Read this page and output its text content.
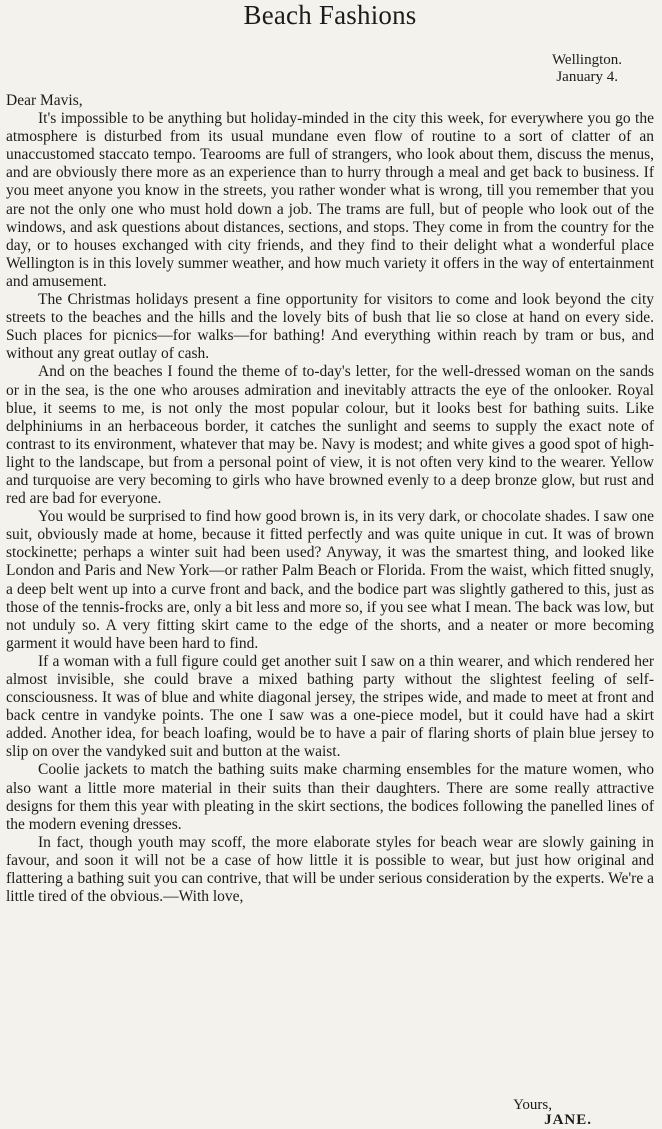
Beach Fashions
Wellington.
January 4.

Dear Mavis,

It's impossible to be anything but holiday-minded in the city this week, for everywhere you go the atmosphere is disturbed from its usual mundane even flow of routine to a sort of clatter of an unaccustomed staccato tempo. Tearooms are full of strangers, who look about them, discuss the menus, and are obviously there more as an experience than to hurry through a meal and get back to business. If you meet anyone you know in the streets, you rather wonder what is wrong, till you remember that you are not the only one who must hold down a job. The trams are full, but of people who look out of the windows, and ask questions about distances, sections, and stops. They come in from the country for the day, or to houses exchanged with city friends, and they find to their delight what a wonderful place Wellington is in this lovely summer weather, and how much variety it offers in the way of entertainment and amusement.

The Christmas holidays present a fine opportunity for visitors to come and look beyond the city streets to the beaches and the hills and the lovely bits of bush that lie so close at hand on every side. Such places for picnics—for walks—for bathing! And everything within reach by tram or bus, and without any great outlay of cash.

And on the beaches I found the theme of to-day's letter, for the well-dressed woman on the sands or in the sea, is the one who arouses admiration and inevitably attracts the eye of the onlooker. Royal blue, it seems to me, is not only the most popular colour, but it looks best for bathing suits. Like delphiniums in an herbaceous border, it catches the sunlight and seems to supply the exact note of contrast to its environment, whatever that may be. Navy is modest; and white gives a good spot of high-light to the landscape, but from a personal point of view, it is not often very kind to the wearer. Yellow and turquoise are very becoming to girls who have browned evenly to a deep bronze glow, but rust and red are bad for everyone.

You would be surprised to find how good brown is, in its very dark, or chocolate shades. I saw one suit, obviously made at home, because it fitted perfectly and was quite unique in cut. It was of brown stockinette; perhaps a winter suit had been used? Anyway, it was the smartest thing, and looked like London and Paris and New York—or rather Palm Beach or Florida. From the waist, which fitted snugly, a deep belt went up into a curve front and back, and the bodice part was slightly gathered to this, just as those of the tennis-frocks are, only a bit less and more so, if you see what I mean. The back was low, but not unduly so. A very fitting skirt came to the edge of the shorts, and a neater or more becoming garment it would have been hard to find.

If a woman with a full figure could get another suit I saw on a thin wearer, and which rendered her almost invisible, she could brave a mixed bathing party without the slightest feeling of self-consciousness. It was of blue and white diagonal jersey, the stripes wide, and made to meet at front and back centre in vandyke points. The one I saw was a one-piece model, but it could have had a skirt added. Another idea, for beach loafing, would be to have a pair of flaring shorts of plain blue jersey to slip on over the vandyked suit and button at the waist.

Coolie jackets to match the bathing suits make charming ensembles for the mature women, who also want a little more material in their suits than their daughters. There are some really attractive designs for them this year with pleating in the skirt sections, the bodices following the panelled lines of the modern evening dresses.

In fact, though youth may scoff, the more elaborate styles for beach wear are slowly gaining in favour, and soon it will not be a case of how little it is possible to wear, but just how original and flattering a bathing suit you can contrive, that will be under serious consideration by the experts. We're a little tired of the obvious.—With love,

Yours,
JANE.
